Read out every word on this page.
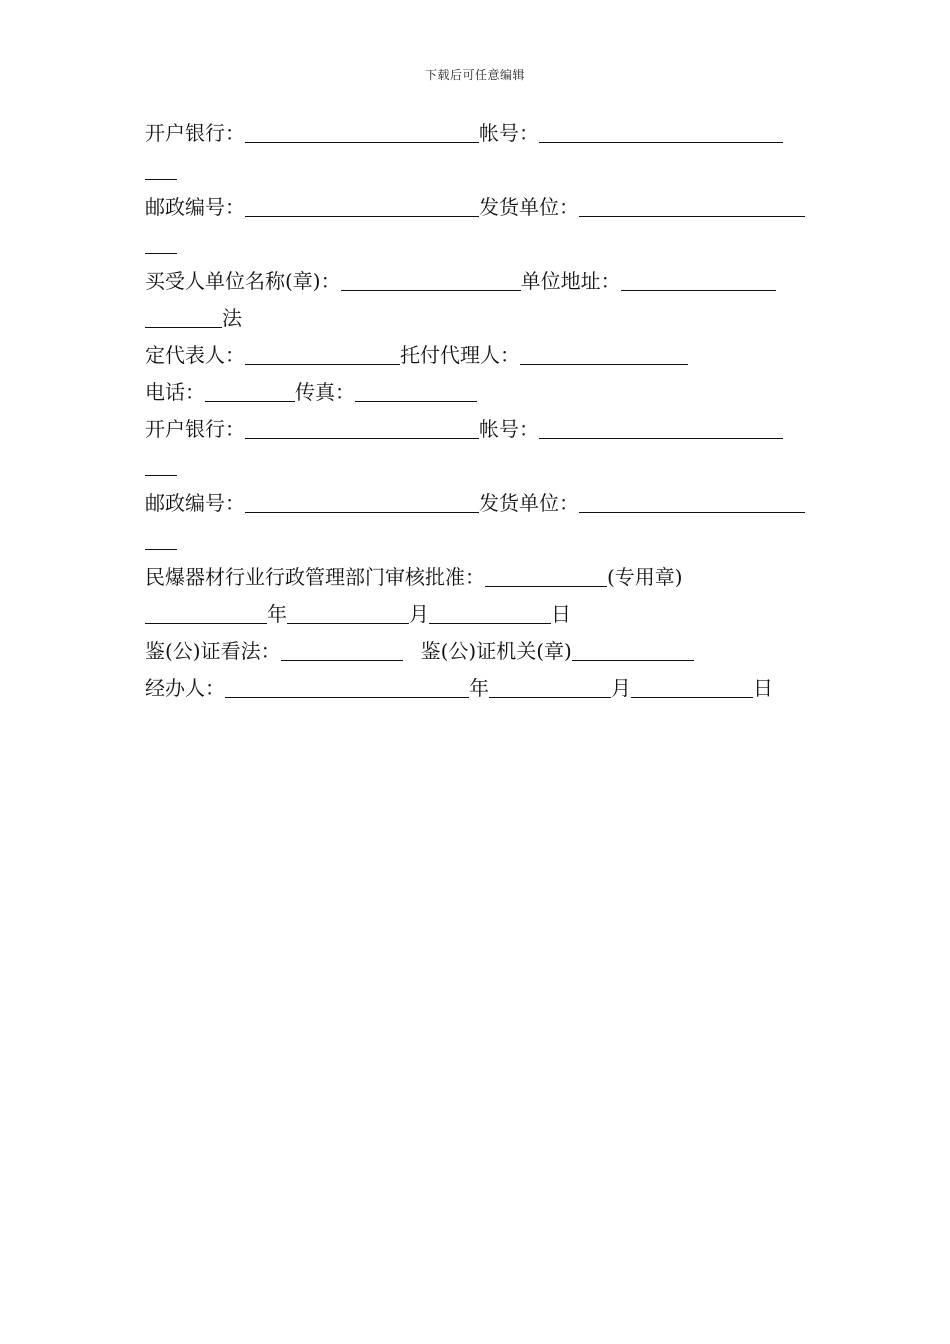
下载后可任意编辑
开户银行：	帐号：
邮政编号：	发货单位：
买受人单位名称(章)：	单位地址：
法
定代表人：	托付代理人：
电话：	传真：
开户银行：	帐号：
邮政编号：	发货单位：
民爆器材行业行政管理部门审核批准：	(专用章)
年	月	日
鉴(公)证看法：	鉴(公)证机关(章)
经办人：	年	月	日
